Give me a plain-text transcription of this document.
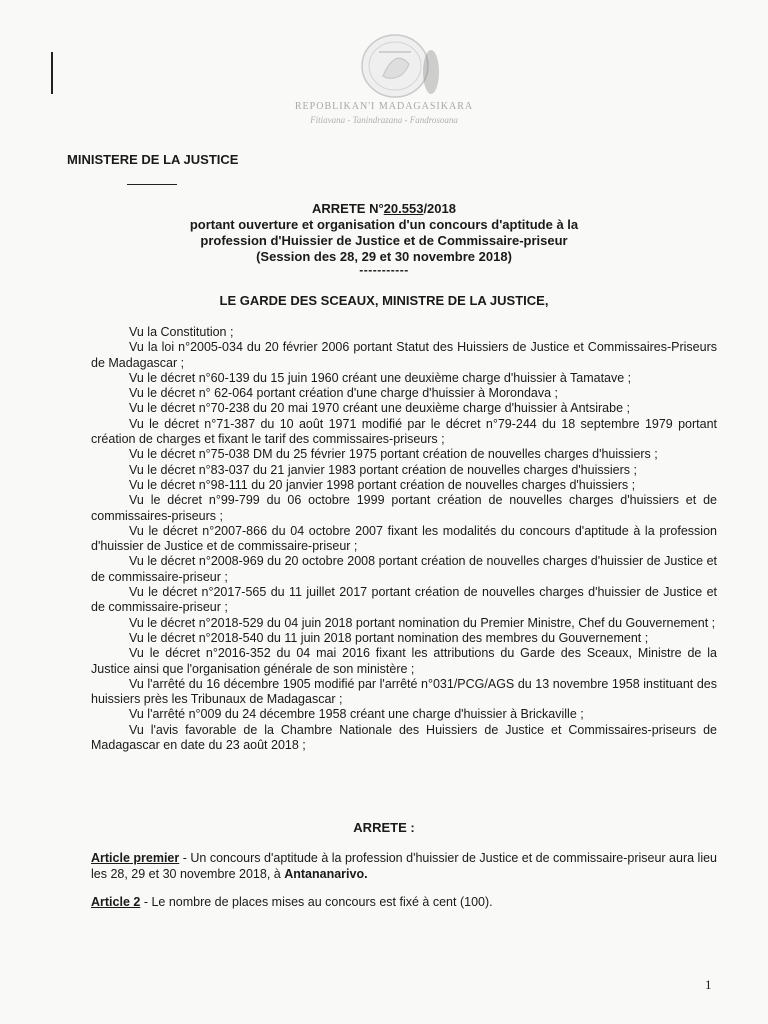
REPOBLIKAN'I MADAGASIKARA
Fitiavana - Tanindrazana - Fandrosoana
MINISTERE DE LA JUSTICE
ARRETE N°20.553/2018
portant ouverture et organisation d'un concours d'aptitude à la
profession d'Huissier de Justice et de Commissaire-priseur
(Session des 28, 29 et 30 novembre 2018)
-----------
LE GARDE DES SCEAUX, MINISTRE DE LA JUSTICE,

Vu la Constitution ;

Vu la loi n°2005-034 du 20 février 2006 portant Statut des Huissiers de Justice et Commissaires-Priseurs de Madagascar ;

Vu le décret n°60-139 du 15 juin 1960 créant une deuxième charge d'huissier à Tamatave ;

Vu le décret n° 62-064 portant création d'une charge d'huissier à Morondava ;

Vu le décret n°70-238 du 20 mai 1970 créant une deuxième charge d'huissier à Antsirabe ;

Vu le décret n°71-387 du 10 août 1971 modifié par le décret n°79-244 du 18 septembre 1979 portant création de charges et fixant le tarif des commissaires-priseurs ;

Vu le décret n°75-038 DM du 25 février 1975 portant création de nouvelles charges d'huissiers ;

Vu le décret n°83-037 du 21 janvier 1983 portant création de nouvelles charges d'huissiers ;

Vu le décret n°98-111 du 20 janvier 1998 portant création de nouvelles charges d'huissiers ;

Vu le décret n°99-799 du 06 octobre 1999 portant création de nouvelles charges d'huissiers et de commissaires-priseurs ;

Vu le décret n°2007-866 du 04 octobre 2007 fixant les modalités du concours d'aptitude à la profession d'huissier de Justice et de commissaire-priseur ;

Vu le décret n°2008-969 du 20 octobre 2008 portant création de nouvelles charges d'huissier de Justice et de commissaire-priseur ;

Vu le décret n°2017-565 du 11 juillet 2017 portant création de nouvelles charges d'huissier de Justice et de commissaire-priseur ;

Vu le décret n°2018-529 du 04 juin 2018 portant nomination du Premier Ministre, Chef du Gouvernement ;

Vu le décret n°2018-540 du 11 juin 2018 portant nomination des membres du Gouvernement ;

Vu le décret n°2016-352 du 04 mai 2016 fixant les attributions du Garde des Sceaux, Ministre de la Justice ainsi que l'organisation générale de son ministère ;

Vu l'arrêté du 16 décembre 1905 modifié par l'arrêté n°031/PCG/AGS du 13 novembre 1958 instituant des huissiers près les Tribunaux de Madagascar ;

Vu l'arrêté n°009 du 24 décembre 1958 créant une charge d'huissier à Brickaville ;

Vu l'avis favorable de la Chambre Nationale des Huissiers de Justice et Commissaires-priseurs de Madagascar en date du 23 août 2018 ;

ARRETE :
Article premier - Un concours d'aptitude à la profession d'huissier de Justice et de commissaire-priseur aura lieu les 28, 29 et 30 novembre 2018, à Antananarivo.
Article 2 - Le nombre de places mises au concours est fixé à cent (100).
1
